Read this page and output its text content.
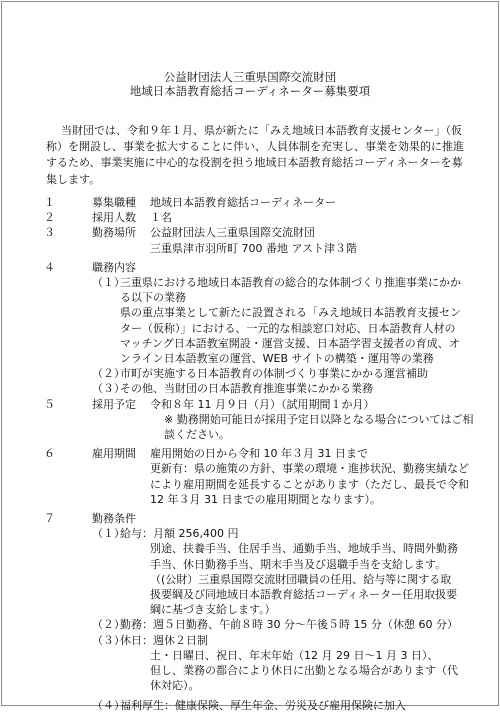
公益財団法人三重県国際交流財団
地域日本語教育総括コーディネーター募集要項
当財団では、令和９年１月、県が新たに「みえ地域日本語教育支援センター」（仮称）を開設し、事業を拡大することに伴い、人員体制を充実し、事業を効果的に推進するため、事業実施に中心的な役割を担う地域日本語教育総括コーディネーターを募集します。
１	募集職種	地域日本語教育総括コーディネーター
２	採用人数	１名
３	勤務場所	公益財団法人三重県国際交流財団
三重県津市羽所町 700 番地 アスト津３階
４	職務内容
（１）
三重県における地域日本語教育の総合的な体制づくり推進事業にかかる以下の業務
県の重点事業として新たに設置される「みえ地域日本語教育支援センター（仮称）」における、一元的な相談窓口対応、日本語教育人材のマッチング日本語教室開設・運営支援、日本語学習支援者の育成、オンライン日本語教室の運営、WEB サイトの構築・運用等の業務
（２）
市町が実施する日本語教育の体制づくり事業にかかる運営補助
（３）
その他、当財団の日本語教育推進事業にかかる業務
５	採用予定	令和８年 11 月９日（月）（試用期間１か月）
※ 勤務開始可能日が採用予定日以降となる場合についてはご相談ください。
６	雇用期間	雇用開始の日から令和 10 年３月 31 日まで
更新有：県の施策の方針、事業の環境・進捗状況、勤務実績などにより雇用期間を延長することがあります（ただし、最長で令和 12 年３月 31 日までの雇用期間となります）。
７	勤務条件
（１）
給与：月額 256,400 円
別途、扶養手当、住居手当、通勤手当、地域手当、時間外勤務手当、休日勤務手当、期末手当及び退職手当を支給します。
（(公財）三重県国際交流財団職員の任用、給与等に関する取扱要綱及び同地域日本語教育総括コーディネーター任用取扱要綱に基づき支給します。）
（２）
勤務：週５日勤務、午前８時 30 分～午後５時 15 分（休憩 60 分）
（３）
休日：週休２日制
土・日曜日、祝日、年末年始（12 月 29 日～1 月 3 日）、
但し、業務の都合により休日に出勤となる場合があります（代休対応）。
（４）
福利厚生：健康保険、厚生年金、労災及び雇用保険に加入
